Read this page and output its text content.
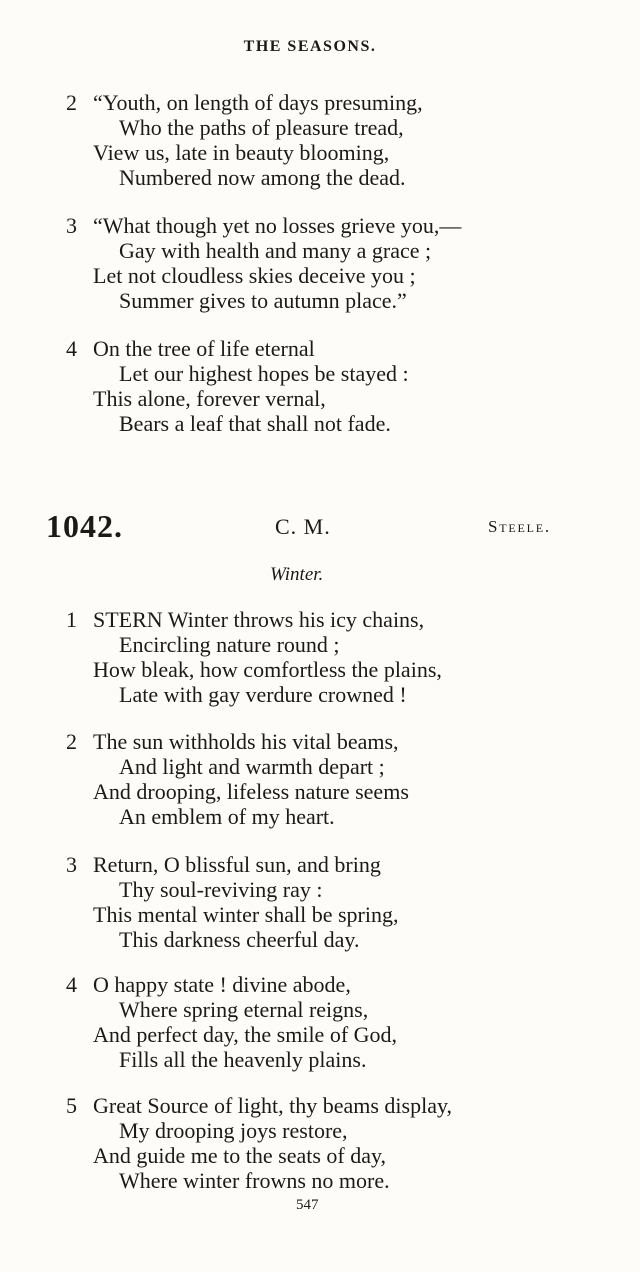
THE SEASONS.
2 “Youth, on length of days presuming,
Who the paths of pleasure tread,
View us, late in beauty blooming,
Numbered now among the dead.
3 “What though yet no losses grieve you,—
Gay with health and many a grace ;
Let not cloudless skies deceive you ;
Summer gives to autumn place.”
4 On the tree of life eternal
Let our highest hopes be stayed :
This alone, forever vernal,
Bears a leaf that shall not fade.
1042.	C. M.	Steele.
Winter.
1 STERN Winter throws his icy chains,
Encircling nature round ;
How bleak, how comfortless the plains,
Late with gay verdure crowned !
2 The sun withholds his vital beams,
And light and warmth depart ;
And drooping, lifeless nature seems
An emblem of my heart.
3 Return, O blissful sun, and bring
Thy soul-reviving ray :
This mental winter shall be spring,
This darkness cheerful day.
4 O happy state ! divine abode,
Where spring eternal reigns,
And perfect day, the smile of God,
Fills all the heavenly plains.
5 Great Source of light, thy beams display,
My drooping joys restore,
And guide me to the seats of day,
Where winter frowns no more.
547
